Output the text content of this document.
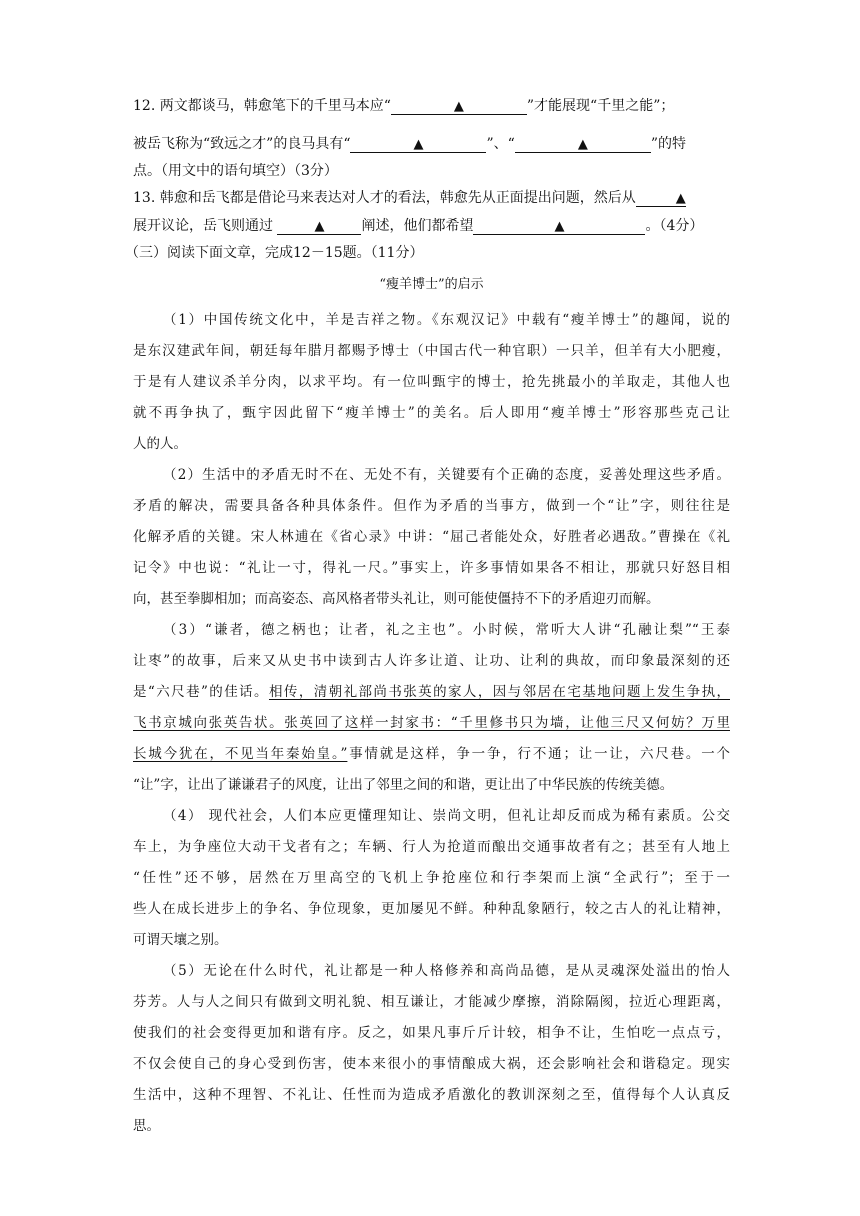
12. 两文都谈马，韩愈笔下的千里马本应“	▲	”才能展现“千里之能”；
被岳飞称为“致远之才”的良马具有“	▲	”、“	▲	”的特
点。（用文中的语句填空）（3分）
13. 韩愈和岳飞都是借论马来表达对人才的看法，韩愈先从正面提出问题，然后从	▲
展开议论，岳飞则通过	▲	阐述，他们都希望	▲	。（4分）
（三）阅读下面文章，完成12－15题。（11分）
“瘦羊博士”的启示
（1）中国传统文化中，羊是吉祥之物。《东观汉记》中载有“瘦羊博士”的趣闻，说的
是东汉建武年间，朝廷每年腊月都赐予博士（中国古代一种官职）一只羊，但羊有大小肥瘦，
于是有人建议杀羊分肉，以求平均。有一位叫甄宇的博士，抢先挑最小的羊取走，其他人也
就不再争执了，甄宇因此留下“瘦羊博士”的美名。后人即用“瘦羊博士”形容那些克己让
人的人。
（2）生活中的矛盾无时不在、无处不有，关键要有个正确的态度，妥善处理这些矛盾。
矛盾的解决，需要具备各种具体条件。但作为矛盾的当事方，做到一个“让”字，则往往是
化解矛盾的关键。宋人林逋在《省心录》中讲：“屈己者能处众，好胜者必遇敌。”曹操在《礼
记令》中也说：“礼让一寸，得礼一尺。”事实上，许多事情如果各不相让，那就只好怒目相
向，甚至拳脚相加；而高姿态、高风格者带头礼让，则可能使僵持不下的矛盾迎刃而解。
（3）“谦者，德之柄也；让者，礼之主也”。小时候，常听大人讲“孔融让梨”“王泰
让枣”的故事，后来又从史书中读到古人许多让道、让功、让利的典故，而印象最深刻的还
是“六尺巷”的佳话。相传，清朝礼部尚书张英的家人，因与邻居在宅基地问题上发生争执，
飞书京城向张英告状。张英回了这样一封家书：“千里修书只为墙，让他三尺又何妨？万里
长城今犹在，不见当年秦始皇。”事情就是这样，争一争，行不通；让一让，六尺巷。一个
“让”字，让出了谦谦君子的风度，让出了邻里之间的和谐，更让出了中华民族的传统美德。
（4） 现代社会，人们本应更懂理知让、崇尚文明，但礼让却反而成为稀有素质。公交
车上，为争座位大动干戈者有之；车辆、行人为抢道而酿出交通事故者有之；甚至有人地上
“任性”还不够，居然在万里高空的飞机上争抢座位和行李架而上演“全武行”；至于一
些人在成长进步上的争名、争位现象，更加屡见不鲜。种种乱象陋行，较之古人的礼让精神，
可谓天壤之别。
（5）无论在什么时代，礼让都是一种人格修养和高尚品德，是从灵魂深处溢出的怡人
芬芳。人与人之间只有做到文明礼貌、相互谦让，才能减少摩擦，消除隔阂，拉近心理距离，
使我们的社会变得更加和谐有序。反之，如果凡事斤斤计较，相争不让，生怕吃一点点亏，
不仅会使自己的身心受到伤害，使本来很小的事情酿成大祸，还会影响社会和谐稳定。现实
生活中，这种不理智、不礼让、任性而为造成矛盾激化的教训深刻之至，值得每个人认真反
思。
